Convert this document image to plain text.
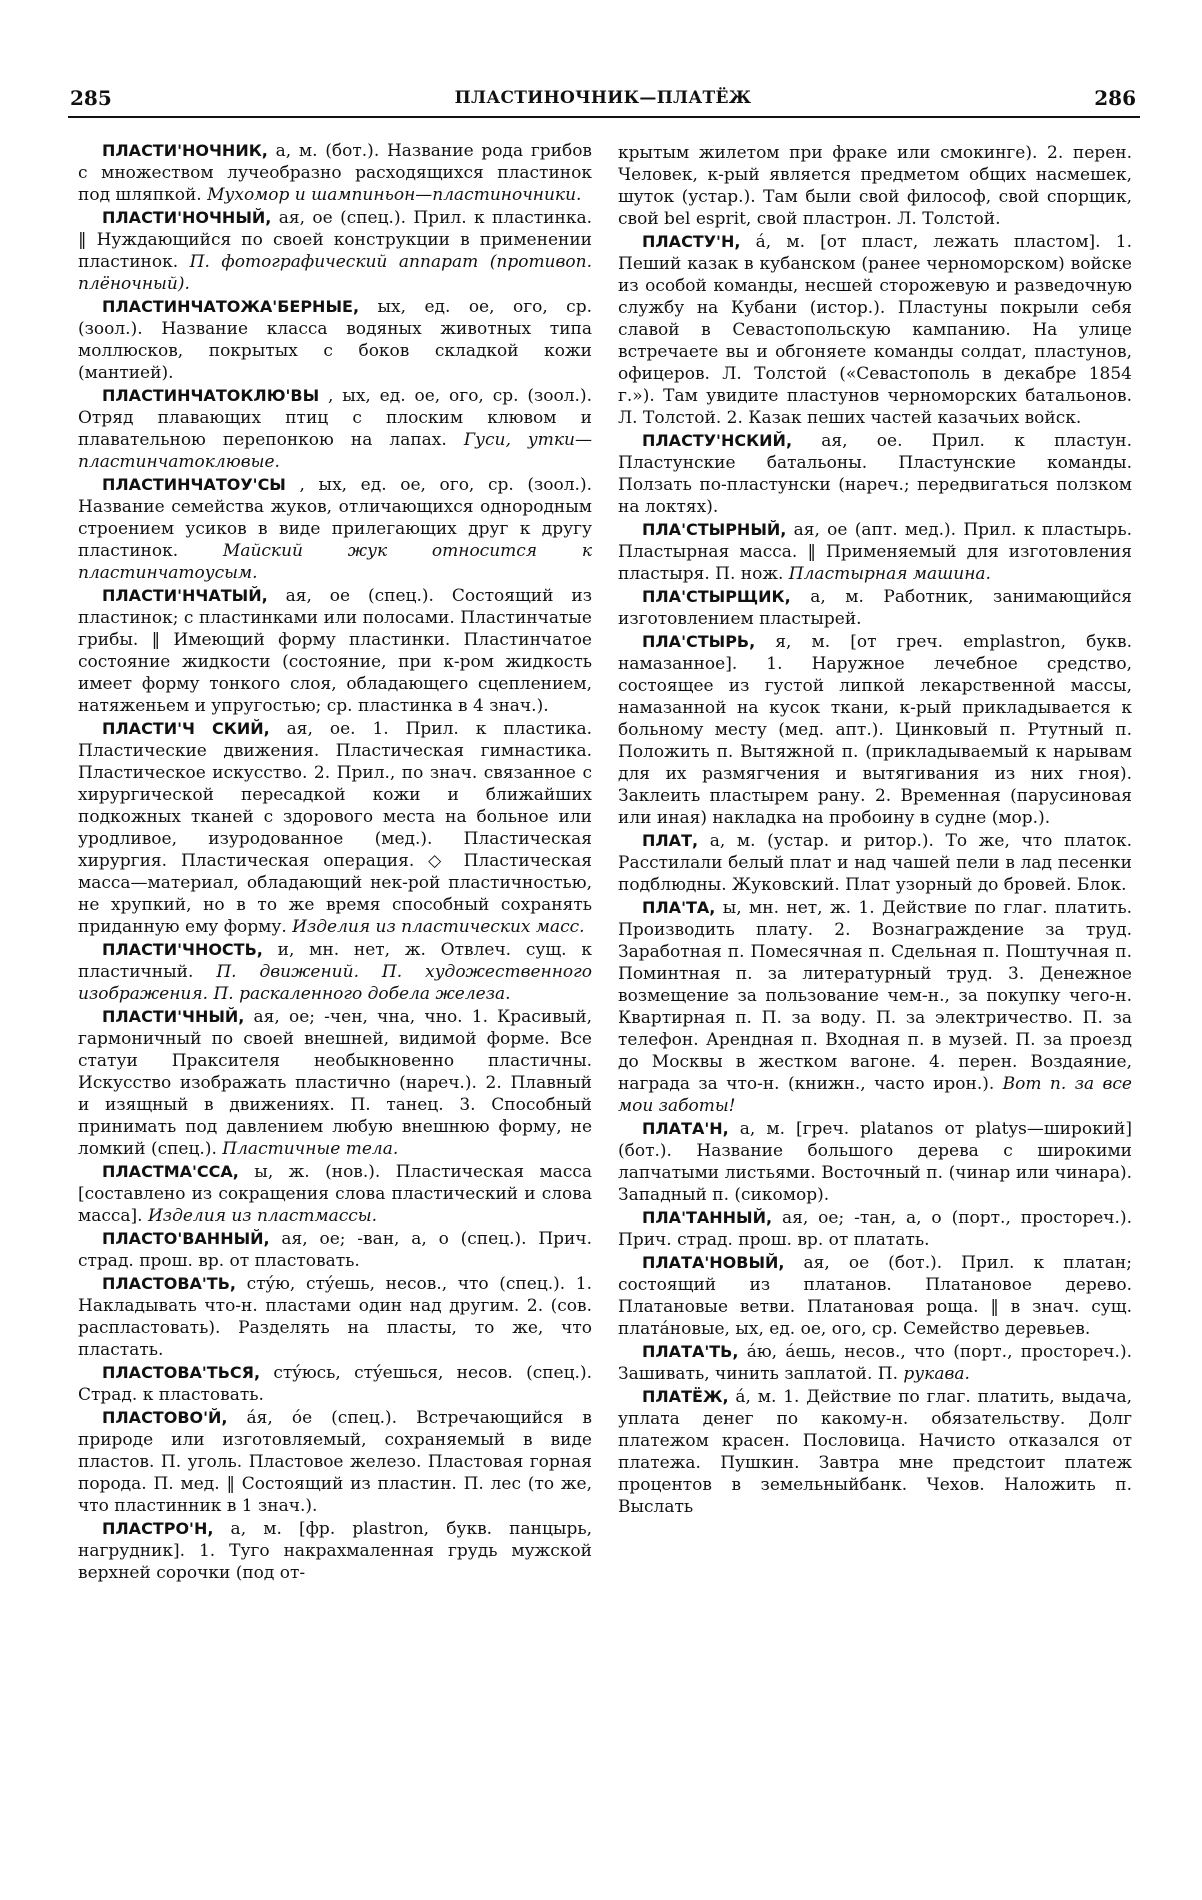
285	ПЛАСТИНОЧНИК—ПЛАТЁЖ	286

ПЛАСТИ'НОЧНИК, а, м. (бот.). Название рода грибов с множеством лучеобразно расходящихся пластинок под шляпкой. Мухомор и шампиньон—пластиночники.

ПЛАСТИ'НОЧНЫЙ, ая, ое (спец.). Прил. к пластинка. ‖ Нуждающийся по своей конструкции в применении пластинок. П. фотографический аппарат (противоп. плёночный).

ПЛАСТИНЧАТОЖА'БЕРНЫЕ, ых, ед. ое, ого, ср. (зоол.). Название класса водяных животных типа моллюсков, покрытых с боков складкой кожи (мантией).

ПЛАСТИНЧАТОКЛЮ'ВЫ , ых, ед. ое, ого, ср. (зоол.). Отряд плавающих птиц с плоским клювом и плавательною перепонкою на лапах. Гуси, утки—пластинчатоклювые.

ПЛАСТИНЧАТОУ'СЫ , ых, ед. ое, ого, ср. (зоол.). Название семейства жуков, отличающихся однородным строением усиков в виде прилегающих друг к другу пластинок. Майский жук относится к пластинчатоусым.

ПЛАСТИ'НЧАТЫЙ, ая, ое (спец.). Состоящий из пластинок; с пластинками или полосами. Пластинчатые грибы. ‖ Имеющий форму пластинки. Пластинчатое состояние жидкости (состояние, при к-ром жидкость имеет форму тонкого слоя, обладающего сцеплением, натяженьем и упругостью; ср. пластинка в 4 знач.).

ПЛАСТИ'Ч СКИЙ, ая, ое. 1. Прил. к пластика. Пластические движения. Пластическая гимнастика. Пластическое искусство. 2. Прил., по знач. связанное с хирургической пересадкой кожи и ближайших подкожных тканей с здорового места на больное или уродливое, изуродованное (мед.). Пластическая хирургия. Пластическая операция. ◇ Пластическая масса—материал, обладающий нек-рой пластичностью, не хрупкий, но в то же время способный сохранять приданную ему форму. Изделия из пластических масс.

ПЛАСТИ'ЧНОСТЬ, и, мн. нет, ж. Отвлеч. сущ. к пластичный. П. движений. П. художественного изображения. П. раскаленного добела железа.

ПЛАСТИ'ЧНЫЙ, ая, ое; -чен, чна, чно. 1. Красивый, гармоничный по своей внешней, видимой форме. Все статуи Праксителя необыкновенно пластичны. Искусство изображать пластично (нареч.). 2. Плавный и изящный в движениях. П. танец. 3. Способный принимать под давлением любую внешнюю форму, не ломкий (спец.). Пластичные тела.

ПЛАСТМА'ССА, ы, ж. (нов.). Пластическая масса [составлено из сокращения слова пластический и слова масса]. Изделия из пластмассы.

ПЛАСТО'ВАННЫЙ, ая, ое; -ван, а, о (спец.). Прич. страд. прош. вр. от пластовать.

ПЛАСТОВА'ТЬ, стýю, стýешь, несов., что (спец.). 1. Накладывать что-н. пластами один над другим. 2. (сов. распластовать). Разделять на пласты, то же, что пластать.

ПЛАСТОВА'ТЬСЯ, стýюсь, стýешься, несов. (спец.). Страд. к пластовать.

ПЛАСТОВО'Й, áя, óе (спец.). Встречающийся в природе или изготовляемый, сохраняемый в виде пластов. П. уголь. Пластовое железо. Пластовая горная порода. П. мед. ‖ Состоящий из пластин. П. лес (то же, что пластинник в 1 знач.).

ПЛАСТРО'Н, а, м. [фр. plastron, букв. панцырь, нагрудник]. 1. Туго накрахмаленная грудь мужской верхней сорочки (под от-

крытым жилетом при фраке или смокинге). 2. перен. Человек, к-рый является предметом общих насмешек, шуток (устар.). Там были свой философ, свой спорщик, свой bel esprit, свой пластрон. Л. Толстой.

ПЛАСТУ'Н, á, м. [от пласт, лежать пластом]. 1. Пеший казак в кубанском (ранее черноморском) войске из особой команды, несшей сторожевую и разведочную службу на Кубани (истор.). Пластуны покрыли себя славой в Севастопольскую кампанию. На улице встречаете вы и обгоняете команды солдат, пластунов, офицеров. Л. Толстой («Севастополь в декабре 1854 г.»). Там увидите пластунов черноморских батальонов. Л. Толстой. 2. Казак пеших частей казачьих войск.

ПЛАСТУ'НСКИЙ, ая, ое. Прил. к пластун. Пластунские батальоны. Пластунские команды. Ползать по-пластунски (нареч.; передвигаться ползком на локтях).

ПЛА'СТЫРНЫЙ, ая, ое (апт. мед.). Прил. к пластырь. Пластырная масса. ‖ Применяемый для изготовления пластыря. П. нож. Пластырная машина.

ПЛА'СТЫРЩИК, а, м. Работник, занимающийся изготовлением пластырей.

ПЛА'СТЫРЬ, я, м. [от греч. emplastron, букв. намазанное]. 1. Наружное лечебное средство, состоящее из густой липкой лекарственной массы, намазанной на кусок ткани, к-рый прикладывается к больному месту (мед. апт.). Цинковый п. Ртутный п. Положить п. Вытяжной п. (прикладываемый к нарывам для их размягчения и вытягивания из них гноя). Заклеить пластырем рану. 2. Временная (парусиновая или иная) накладка на пробоину в судне (мор.).

ПЛАТ, а, м. (устар. и ритор.). То же, что платок. Расстилали белый плат и над чашей пели в лад песенки подблюдны. Жуковский. Плат узорный до бровей. Блок.

ПЛА'ТА, ы, мн. нет, ж. 1. Действие по глаг. платить. Производить плату. 2. Вознаграждение за труд. Заработная п. Помесячная п. Сдельная п. Поштучная п. Поминтная п. за литературный труд. 3. Денежное возмещение за пользование чем-н., за покупку чего-н. Квартирная п. П. за воду. П. за электричество. П. за телефон. Арендная п. Входная п. в музей. П. за проезд до Москвы в жестком вагоне. 4. перен. Воздаяние, награда за что-н. (книжн., часто ирон.). Вот п. за все мои заботы!

ПЛАТА'Н, а, м. [греч. platanos от platys—широкий] (бот.). Название большого дерева с широкими лапчатыми листьями. Восточный п. (чинар или чинара). Западный п. (сикомор).

ПЛА'ТАННЫЙ, ая, ое; -тан, а, о (порт., простореч.). Прич. страд. прош. вр. от платать.

ПЛАТА'НОВЫЙ, ая, ое (бот.). Прил. к платан; состоящий из платанов. Платановое дерево. Платановые ветви. Платановая роща. ‖ в знач. сущ. платáновые, ых, ед. ое, ого, ср. Семейство деревьев.

ПЛАТА'ТЬ, áю, áешь, несов., что (порт., простореч.). Зашивать, чинить заплатой. П. рукава.

ПЛАТЁЖ, á, м. 1. Действие по глаг. платить, выдача, уплата денег по какому-н. обязательству. Долг платежом красен. Пословица. Начисто отказался от платежа. Пушкин. Завтра мне предстоит платеж процентов в земельныйбанк. Чехов. Наложить п. Выслать
